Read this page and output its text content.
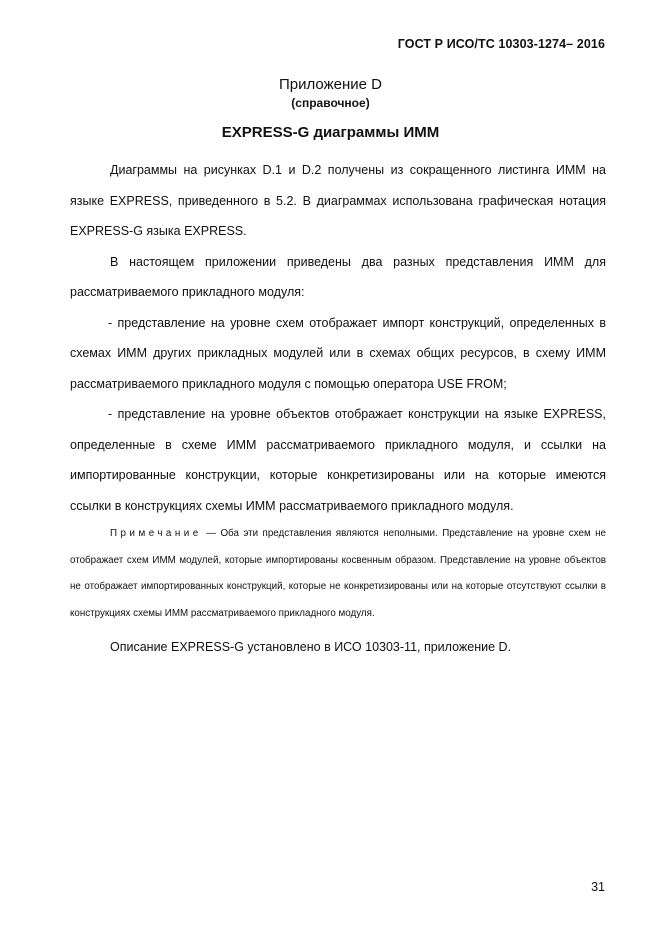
ГОСТ Р ИСО/ТС 10303-1274– 2016
Приложение D
(справочное)
EXPRESS-G диаграммы ИММ

Диаграммы на рисунках D.1 и D.2 получены из сокращенного листинга ИММ на языке EXPRESS, приведенного в 5.2. В диаграммах использована графическая нотация EXPRESS-G языка EXPRESS.

В настоящем приложении приведены два разных представления ИММ для рассматриваемого прикладного модуля:

- представление на уровне схем отображает импорт конструкций, определенных в схемах ИММ других прикладных модулей или в схемах общих ресурсов, в схему ИММ рассматриваемого прикладного модуля с помощью оператора USE FROM;

- представление на уровне объектов отображает конструкции на языке EXPRESS, определенные в схеме ИММ рассматриваемого прикладного модуля, и ссылки на импортированные конструкции, которые конкретизированы или на которые имеются ссылки в конструкциях схемы ИММ рассматриваемого прикладного модуля.

Примечание — Оба эти представления являются неполными. Представление на уровне схем не отображает схем ИММ модулей, которые импортированы косвенным образом. Представление на уровне объектов не отображает импортированных конструкций, которые не конкретизированы или на которые отсутствуют ссылки в конструкциях схемы ИММ рассматриваемого прикладного модуля.

Описание EXPRESS-G установлено в ИСО 10303-11, приложение D.

31
